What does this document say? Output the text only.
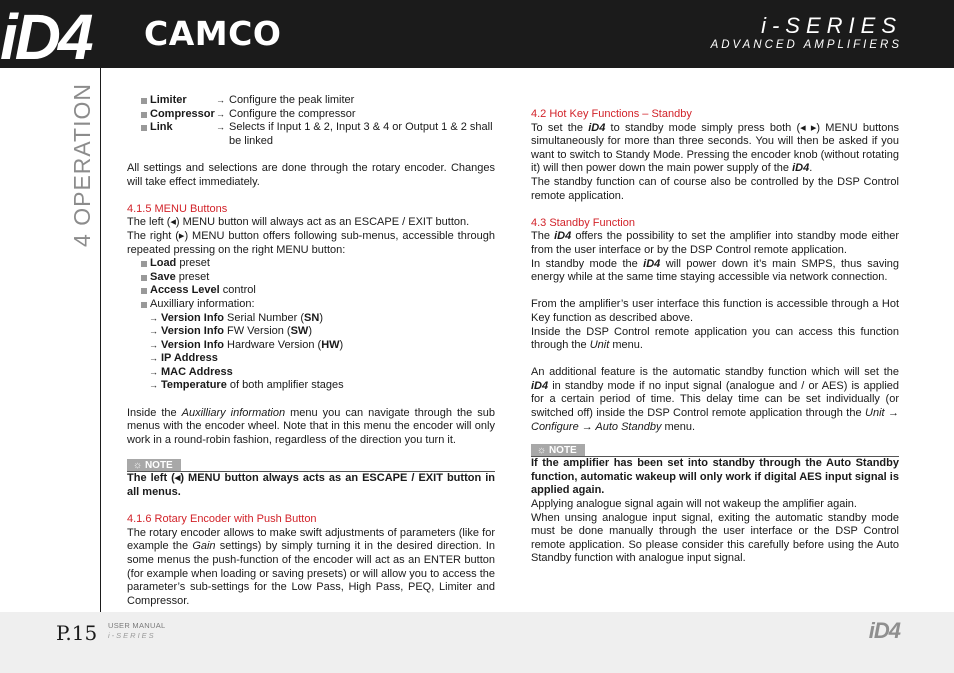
iD4 CAMCO	i-SERIES
ADVANCED AMPLIFIERS
4 OPERATION	Limiter	→ Configure the peak limiter
Compressor	→ Configure the compressor
Link	→ Selects if Input 1 & 2, Input 3 & 4 or Output 1 & 2 shall be linked

All settings and selections are done through the rotary encoder. Changes will take effect immediately.

4.1.5 MENU Buttons

The left (◂) MENU button will always act as an ESCAPE / EXIT button.

The right (▸) MENU button offers following sub-menus, accessible through repeated pressing on the right MENU button:

Load preset
Save preset
Access Level control
Auxilliary information:
→ Version Info Serial Number (SN)
→ Version Info FW Version (SW)
→ Version Info Hardware Version (HW)
→ IP Address
→ MAC Address
→ Temperature of both amplifier stages

Inside the Auxilliary information menu you can navigate through the sub menus with the encoder wheel. Note that in this menu the encoder will only work in a round-robin fashion, regardless of the direction you turn it.

☼ NOTE

The left (◂) MENU button always acts as an ESCAPE / EXIT button in all menus.

4.1.6 Rotary Encoder with Push Button

The rotary encoder allows to make swift adjustments of parameters (like for example the Gain settings) by simply turning it in the desired direction. In some menus the push-function of the encoder will act as an ENTER button (for example when loading or saving presets) or will allow you to access the parameter’s sub-settings for the Low Pass, High Pass, PEQ, Limiter and Compressor.

4.2 Hot Key Functions – Standby

To set the iD4 to standby mode simply press both (◂ ▸) MENU buttons simultaneously for more than three seconds. You will then be asked if you want to switch to Standy Mode. Pressing the encoder knob (without rotating it) will then power down the main power supply of the iD4.

The standby function can of course also be controlled by the DSP Control remote application.

4.3 Standby Function

The iD4 offers the possibility to set the amplifier into standby mode either from the user interface or by the DSP Control remote application.

In standby mode the iD4 will power down it’s main SMPS, thus saving energy while at the same time staying accessible via network connection.

From the amplifier’s user interface this function is accessible through a Hot Key function as described above.

Inside the DSP Control remote application you can access this function through the Unit menu.

An additional feature is the automatic standby function which will set the iD4 in standby mode if no input signal (analogue and / or AES) is applied for a certain period of time. This delay time can be set individually (or switched off) inside the DSP Control remote application through the Unit → Configure → Auto Standby menu.

☼ NOTE

If the amplifier has been set into standby through the Auto Standby function, automatic wakeup will only work if digital AES input signal is applied again.

Applying analogue signal again will not wakeup the amplifier again.

When unsing analogue input signal, exiting the automatic standby mode must be done manually through the user interface or the DSP Control remote application. So please consider this carefully before using the Auto Standby function with analogue input signal.

P.15 USER MANUAL
i-SERIES	iD4
